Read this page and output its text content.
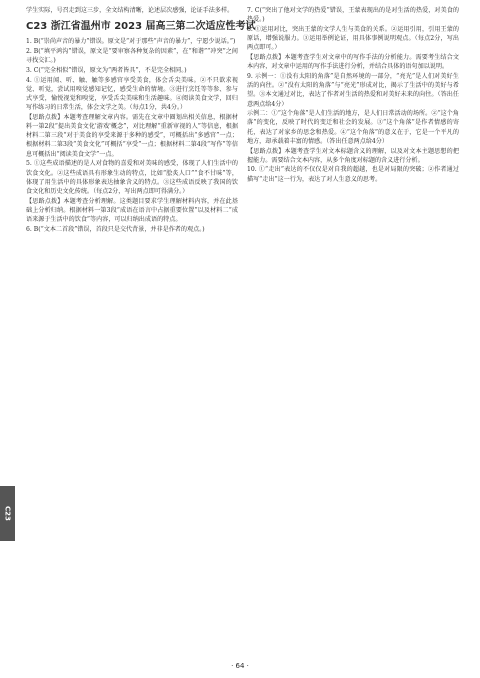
学生实际，号召走到这三步，全文结构清晰，论述层次感强，论证手法多样。

C23 浙江省温州市 2023 届高三第二次适应性考试

1. B(“崇尚声音的暴力”错误。原文是“对于那些“声音的暴力”，宁愿少说话。”)

2. B(“填平鸿沟”错误，原文是“要审察各种复杂的因素”，在“和谐”“冲突”之间寻找交汇。)

3. C(“完全相似”错误，原文为“两者皆具”，不是完全相同。)

4. ①运用闻、听、触、触等多感官享受美食，体会舌尖美味。②不只欲求视觉、听觉，尝试用嗅觉感知记忆，感受生命的情境。③进行烹饪等等参、参与式享受，愉悦视觉和嗅觉，享受舌尖美味和生活趣味。④阅读美食文学，回归写作练习的日常生活，体会文学之美。（每点1分，共4分。）

【思路点拨】本题考查理解文章内容。需先在文章中圈划出相关信息，根据材料一第2段“提出美食文化'游戏'概念”，对比理解“重新审视的人”等信息，根据材料二第三段“对于美食的享受来源于多种的感受”，可概括出“多感官”一点；根据材料二第3段“美食文化”可概括“享受”一点；根据材料二第4段“写作”等信息可概括出“阅读美食文学”一点。

5. ①这些成语描述的是人对食物的喜爱和对美味的感受，体现了人们生活中的饮食文化。②这些成语具有形象生动的特点，比如“脍炙人口”“食不甘味”等，体现了用生活中的具体形象表达抽象含义的特点。③这些成语反映了我国的饮食文化和历史文化传统。（每点2分，写出两点即可得满分。）

【思路点拨】本题考查分析理解。这类题目要求学生理解材料内容，并在此基础上分析归纳。根据材料一第3段“成语在语言中占据重要位置”以及材料二“成语来源于生活中的饮食”等内容，可以归纳出成语的特点。

6. B(“文本二首段”错误，首段只是交代背景，并非是作者的观点。)

7. C(“突出了他对文学的热爱”错误，王蒙表现出的是对生活的热爱，对美食的热爱。)

8. ①运用对比，突出王蒙的文学人生与美食的关系。②运用引用，引用王蒙的原话，增强说服力。③运用举例论证，用具体事例说明观点。（每点2分，写出两点即可。）

【思路点拨】本题考查学生对文章中的写作手法的分析能力。需要考生结合文本内容，对文章中运用的写作手法进行分析，并结合具体的语句加以说明。

9. 示例一：①没有太阳的角落”是自然环境的一部分，“亮光”是人们对美好生活的向往。②“没有太阳的角落”与“亮光”形成对比，揭示了生活中的美好与希望。③本文通过对比，表达了作者对生活的热爱和对美好未来的向往。（答出任意两点给4分）

示例二：①“这个角落”是人们生活的地方，是人们日常活动的场所。②“这个角落”的变化，反映了时代的变迁和社会的发展。③“这个角落”是作者情感的寄托，表达了对家乡的思念和热爱。④“这个角落”的意义在于，它是一个平凡的地方，却承载着丰富的情感。（答出任意两点给4分）

【思路点拨】本题考查学生对文本标题含义的理解，以及对文本主题思想的把握能力。需要结合文本内容，从多个角度对标题的含义进行分析。

10. ①“走出”表达的不仅仅是对自我的超越，也是对局限的突破；②作者通过描写“走出”这一行为，表达了对人生意义的思考。

C23
· 64 ·
